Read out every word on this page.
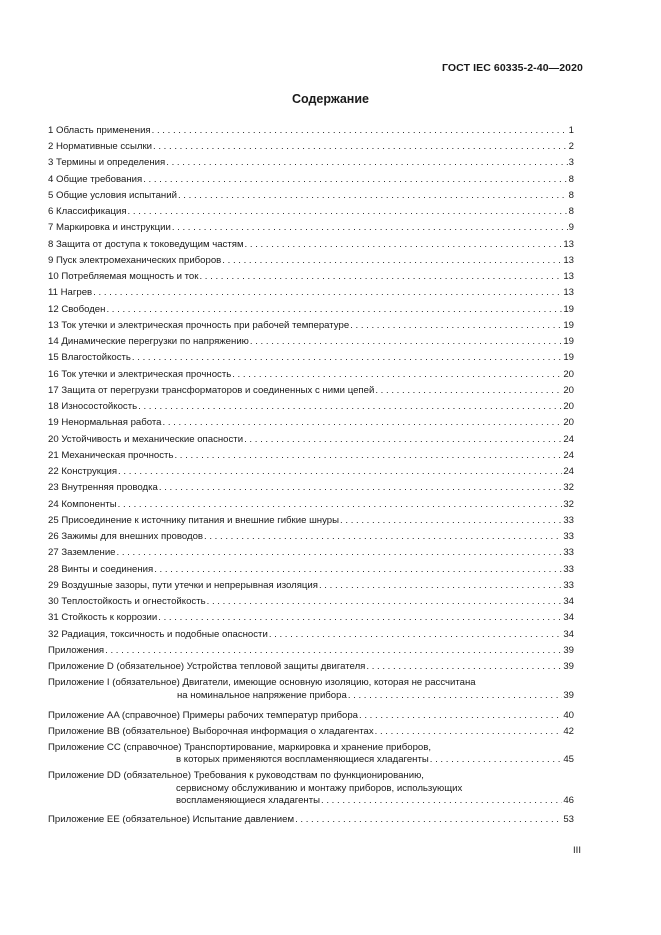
ГОСТ IEC 60335-2-40—2020
Содержание
1 Область применения . . .	1
2 Нормативные ссылки . . .	2
3 Термины и определения . . .	3
4 Общие требования . . .	8
5 Общие условия испытаний . . .	8
6 Классификация . . .	8
7 Маркировка и инструкции . . .	9
8 Защита от доступа к токоведущим частям . . .	13
9 Пуск электромеханических приборов . . .	13
10 Потребляемая мощность и ток . . .	13
11 Нагрев . . .	13
12 Свободен . . .	19
13 Ток утечки и электрическая прочность при рабочей температуре . . .	19
14 Динамические перегрузки по напряжению . . .	19
15 Влагостойкость . . .	19
16 Ток утечки и электрическая прочность . . .	20
17 Защита от перегрузки трансформаторов и соединенных с ними цепей . . .	20
18 Износостойкость . . .	20
19 Ненормальная работа . . .	20
20 Устойчивость и механические опасности . . .	24
21 Механическая прочность . . .	24
22 Конструкция . . .	24
23 Внутренняя проводка . . .	32
24 Компоненты . . .	32
25 Присоединение к источнику питания и внешние гибкие шнуры . . .	33
26 Зажимы для внешних проводов . . .	33
27 Заземление . . .	33
28 Винты и соединения . . .	33
29 Воздушные зазоры, пути утечки и непрерывная изоляция . . .	33
30 Теплостойкость и огнестойкость . . .	34
31 Стойкость к коррозии . . .	34
32 Радиация, токсичность и подобные опасности . . .	34
Приложения . . .	39
Приложение D (обязательное) Устройства тепловой защиты двигателя . . .	39
Приложение I (обязательное) Двигатели, имеющие основную изоляцию, которая не рассчитана
на номинальное напряжение прибора . . .	39
Приложение AA (справочное) Примеры рабочих температур прибора . . .	40
Приложение BB (обязательное) Выборочная информация о хладагентах . . .	42
Приложение CC (справочное) Транспортирование, маркировка и хранение приборов,
в которых применяются воспламеняющиеся хладагенты . . .	45
Приложение DD (обязательное) Требования к руководствам по функционированию,
сервисному обслуживанию и монтажу приборов, использующих
воспламеняющиеся хладагенты . . .	46
Приложение EE (обязательное) Испытание давлением . . .	53
III
